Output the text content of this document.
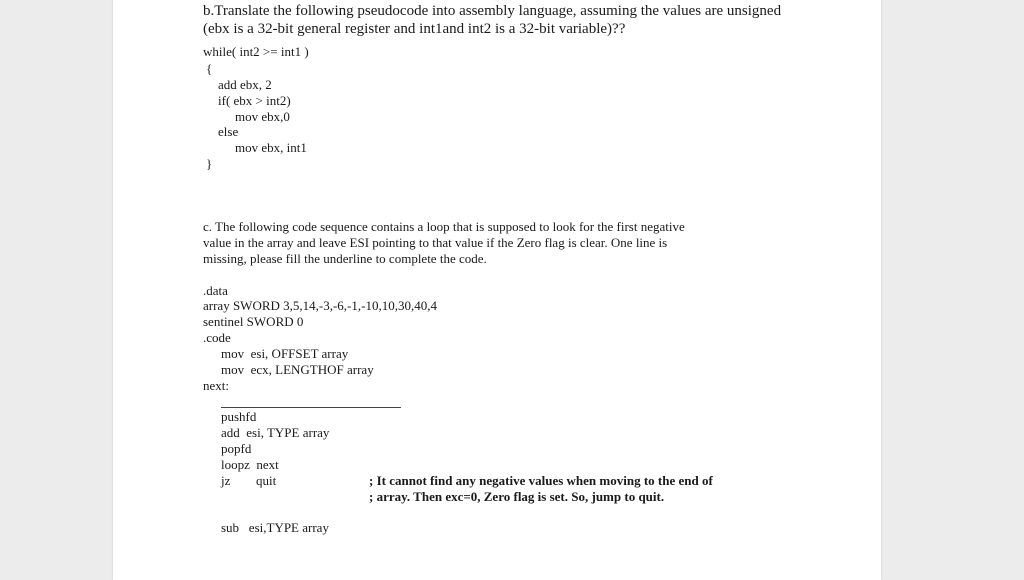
b.Translate the following pseudocode into assembly language, assuming the values are unsigned
(ebx is a 32-bit general register and int1and int2 is a 32-bit variable)??
while( int2 >= int1 )
{
add ebx, 2
if( ebx > int2)
mov ebx,0
else
mov ebx, int1
}
c. The following code sequence contains a loop that is supposed to look for the first negative
value in the array and leave ESI pointing to that value if the Zero flag is clear. One line is
missing, please fill the underline to complete the code.
.data
array SWORD 3,5,14,-3,-6,-1,-10,10,30,40,4
sentinel SWORD 0
.code
mov  esi, OFFSET array
mov  ecx, LENGTHOF array
next:
pushfd
add  esi, TYPE array
popfd
loopz  next
jz quit	; It cannot find any negative values when moving to the end of
; array. Then exc=0, Zero flag is set. So, jump to quit.
sub   esi,TYPE array
